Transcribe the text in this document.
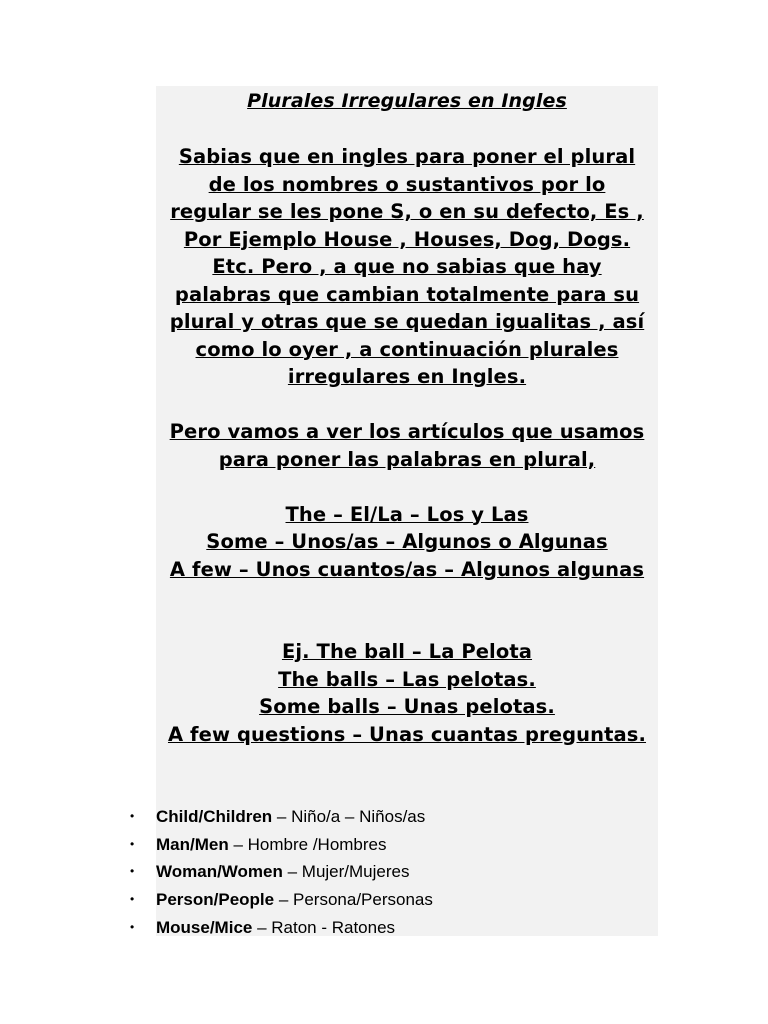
Plurales Irregulares en Ingles

Sabias que en ingles para poner el plural

de los nombres o sustantivos por lo

regular se les pone S, o en su defecto, Es ,

Por Ejemplo House , Houses, Dog, Dogs.

Etc. Pero , a que no sabias que hay

palabras que cambian totalmente para su

plural y otras que se quedan igualitas , así

como lo oyer , a continuación plurales

irregulares en Ingles.

Pero vamos a ver los artículos que usamos

para poner las palabras en plural,

The – El/La – Los y Las

Some – Unos/as – Algunos o Algunas

A few – Unos cuantos/as – Algunos algunas

Ej. The ball – La Pelota

The balls – Las pelotas.

Some balls – Unas pelotas.

A few questions – Unas cuantas preguntas.

• Child/Children – Niño/a – Niños/as
• Man/Men – Hombre /Hombres
• Woman/Women – Mujer/Mujeres
• Person/People – Persona/Personas
• Mouse/Mice – Raton - Ratones
